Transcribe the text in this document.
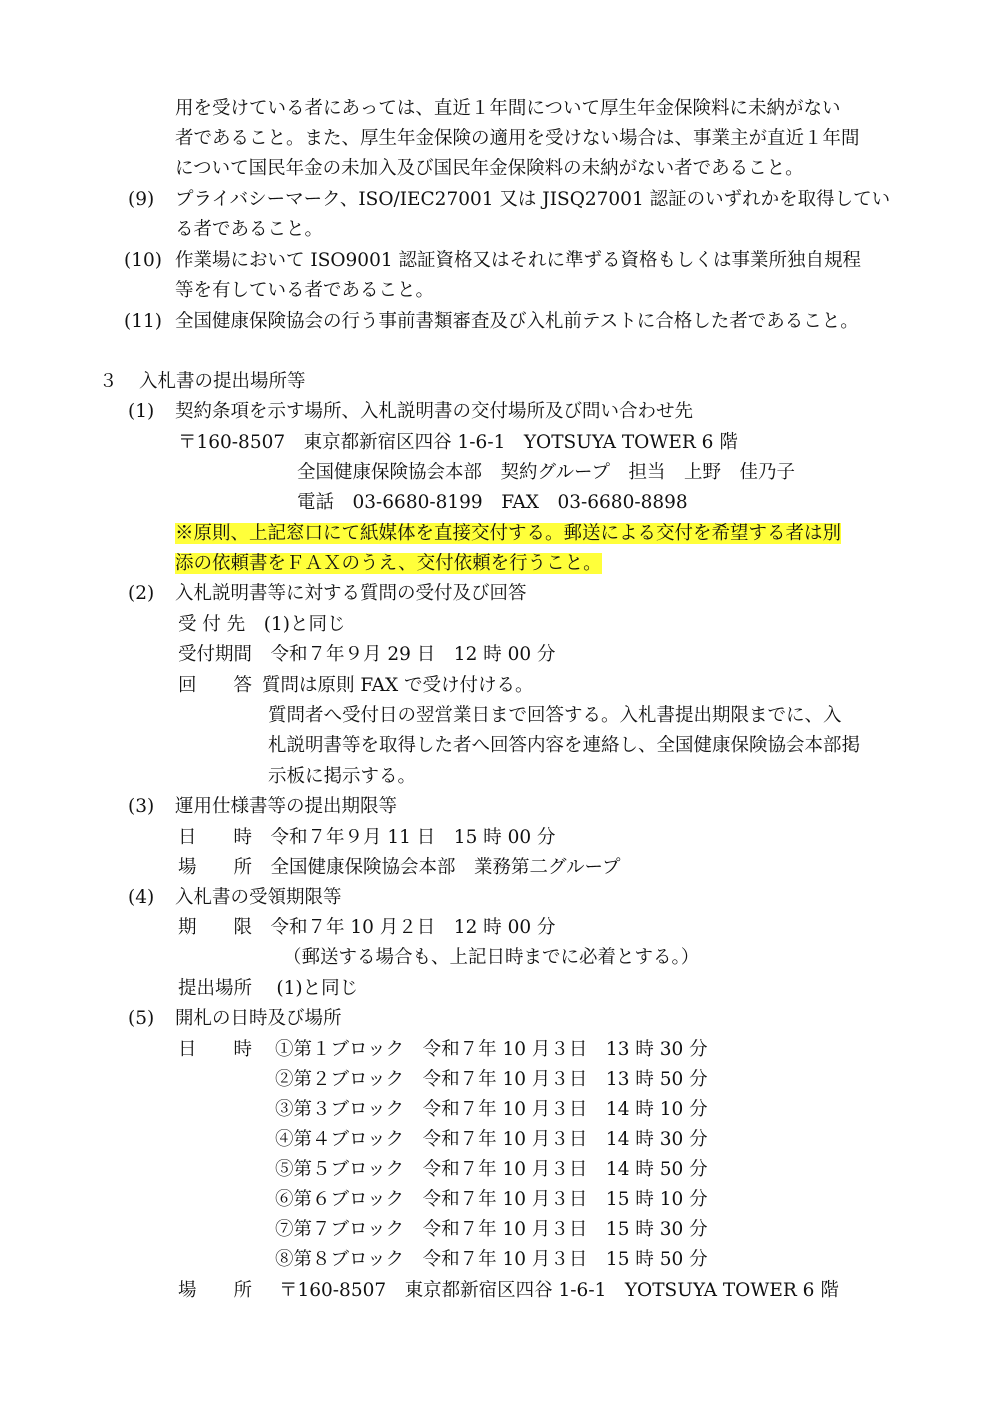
用を受けている者にあっては、直近１年間について厚生年金保険料に未納がない
者であること。また、厚生年金保険の適用を受けない場合は、事業主が直近１年間
について国民年金の未加入及び国民年金保険料の未納がない者であること。
(9) プライバシーマーク、ISO/IEC27001 又は JISQ27001 認証のいずれかを取得してい
る者であること。
(10) 作業場において ISO9001 認証資格又はそれに準ずる資格もしくは事業所独自規程
等を有している者であること。
(11) 全国健康保険協会の行う事前書類審査及び入札前テストに合格した者であること。
３ 入札書の提出場所等
(1) 契約条項を示す場所、入札説明書の交付場所及び問い合わせ先
〒160-8507　東京都新宿区四谷 1-6-1　YOTSUYA TOWER 6 階
全国健康保険協会本部　契約グループ　担当　上野　佳乃子
電話　03-6680-8199　FAX　03-6680-8898
※原則、上記窓口にて紙媒体を直接交付する。郵送による交付を希望する者は別
添の依頼書をＦＡＸのうえ、交付依頼を行うこと。
(2) 入札説明書等に対する質問の受付及び回答
受 付 先　(1)と同じ
受付期間　令和７年９月 29 日　12 時 00 分
回　　答 質問は原則 FAX で受け付ける。
質問者へ受付日の翌営業日まで回答する。入札書提出期限までに、入
札説明書等を取得した者へ回答内容を連絡し、全国健康保険協会本部掲
示板に掲示する。
(3) 運用仕様書等の提出期限等
日　　時　令和７年９月 11 日　15 時 00 分
場　　所　全国健康保険協会本部　業務第二グループ
(4) 入札書の受領期限等
期　　限　令和７年 10 月２日　12 時 00 分
（郵送する場合も、上記日時までに必着とする。）
提出場所　 (1)と同じ
(5) 開札の日時及び場所
日　　時 ①第１ブロック　令和７年 10 月３日　13 時 30 分
②第２ブロック　令和７年 10 月３日　13 時 50 分
③第３ブロック　令和７年 10 月３日　14 時 10 分
④第４ブロック　令和７年 10 月３日　14 時 30 分
⑤第５ブロック　令和７年 10 月３日　14 時 50 分
⑥第６ブロック　令和７年 10 月３日　15 時 10 分
⑦第７ブロック　令和７年 10 月３日　15 時 30 分
⑧第８ブロック　令和７年 10 月３日　15 時 50 分
場　　所 〒160-8507　東京都新宿区四谷 1-6-1　YOTSUYA TOWER 6 階
